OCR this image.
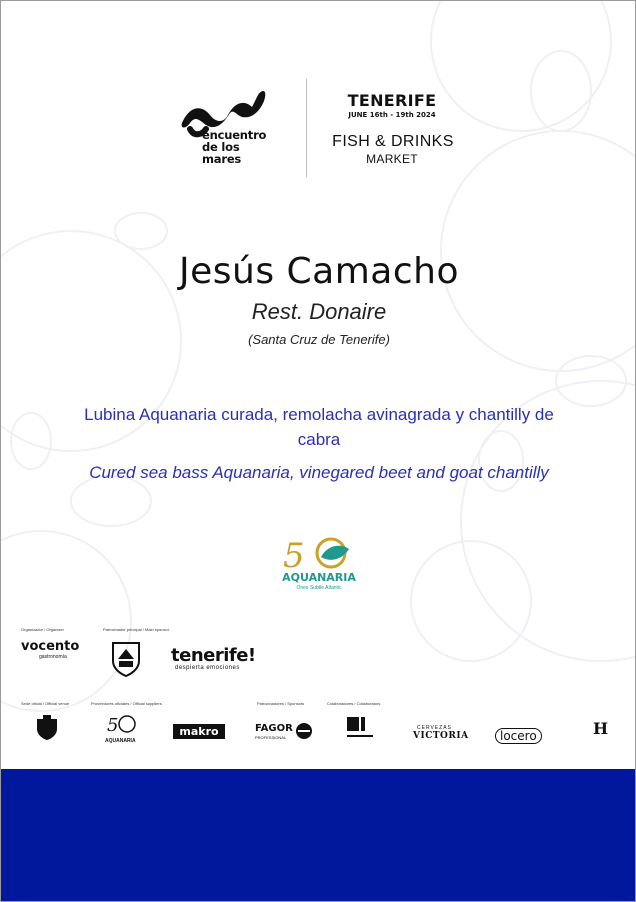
encuentro
de los
mares
TENERIFE
JUNE 16th - 19th 2024
FISH & DRINKS
MARKET
Jesús Camacho
Rest. Donaire
(Santa Cruz de Tenerife)
Lubina Aquanaria curada, remolacha avinagrada y chantilly de cabra
Cured sea bass Aquanaria, vinegared beet and goat chantilly
5
AQUANARIA
Ones Subtle Atlantic
Organizador / Organizer
vocento
gastronomía
Patrocinador principal / Main sponsor
tenerife!
despierta emociones
Sede oficial / Official venue	Proveedores oficiales / Official suppliers
5
AQUANARIA
makro
Patrocinadores / Sponsors
FAGOR
PROFESSIONAL
Colaboradores / Collaborators
CERVEZAS
VICTORIA	locero	H
